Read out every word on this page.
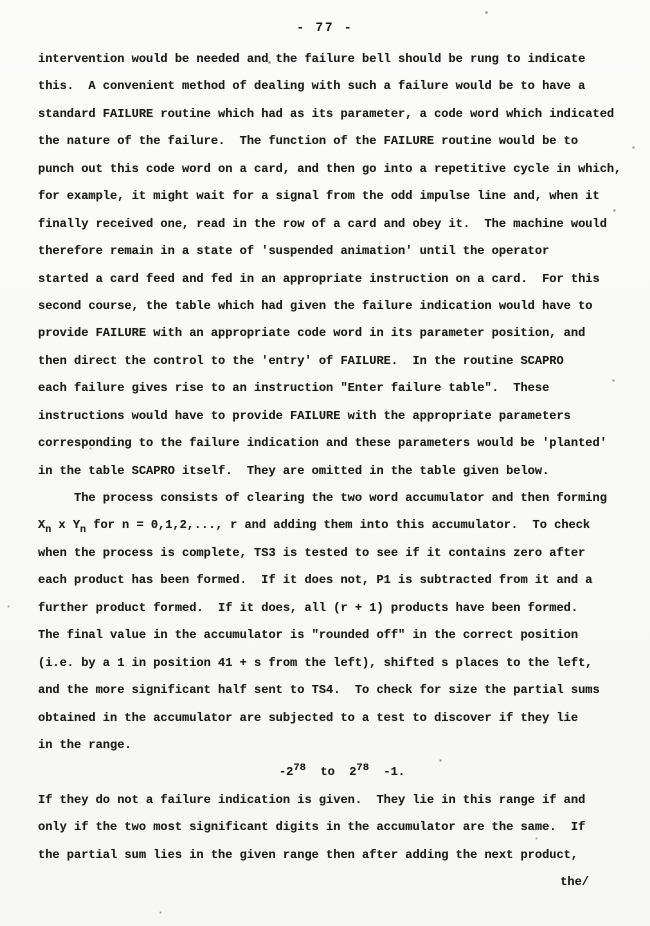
- 77 -
intervention would be needed and the failure bell should be rung to indicate
this.  A convenient method of dealing with such a failure would be to have a
standard FAILURE routine which had as its parameter, a code word which indicated
the nature of the failure.  The function of the FAILURE routine would be to
punch out this code word on a card, and then go into a repetitive cycle in which,
for example, it might wait for a signal from the odd impulse line and, when it
finally received one, read in the row of a card and obey it.  The machine would
therefore remain in a state of 'suspended animation' until the operator
started a card feed and fed in an appropriate instruction on a card.  For this
second course, the table which had given the failure indication would have to
provide FAILURE with an appropriate code word in its parameter position, and
then direct the control to the 'entry' of FAILURE.  In the routine SCAPRO
each failure gives rise to an instruction "Enter failure table".  These
instructions would have to provide FAILURE with the appropriate parameters
corresponding to the failure indication and these parameters would be 'planted'
in the table SCAPRO itself.  They are omitted in the table given below.
The process consists of clearing the two word accumulator and then forming
$X_n$ x $Y_n$ for n = 0,1,2,..., r and adding them into this accumulator.  To check
when the process is complete, TS3 is tested to see if it contains zero after
each product has been formed.  If it does not, P1 is subtracted from it and a
further product formed.  If it does, all (r + 1) products have been formed.
The final value in the accumulator is "rounded off" in the correct position
(i.e. by a 1 in position 41 + s from the left), shifted s places to the left,
and the more significant half sent to TS4.  To check for size the partial sums
obtained in the accumulator are subjected to a test to discover if they lie
in the range.
$-2^{78}$  to  $2^{78}$  -1.
If they do not a failure indication is given.  They lie in this range if and
only if the two most significant digits in the accumulator are the same.  If
the partial sum lies in the given range then after adding the next product,
the/
